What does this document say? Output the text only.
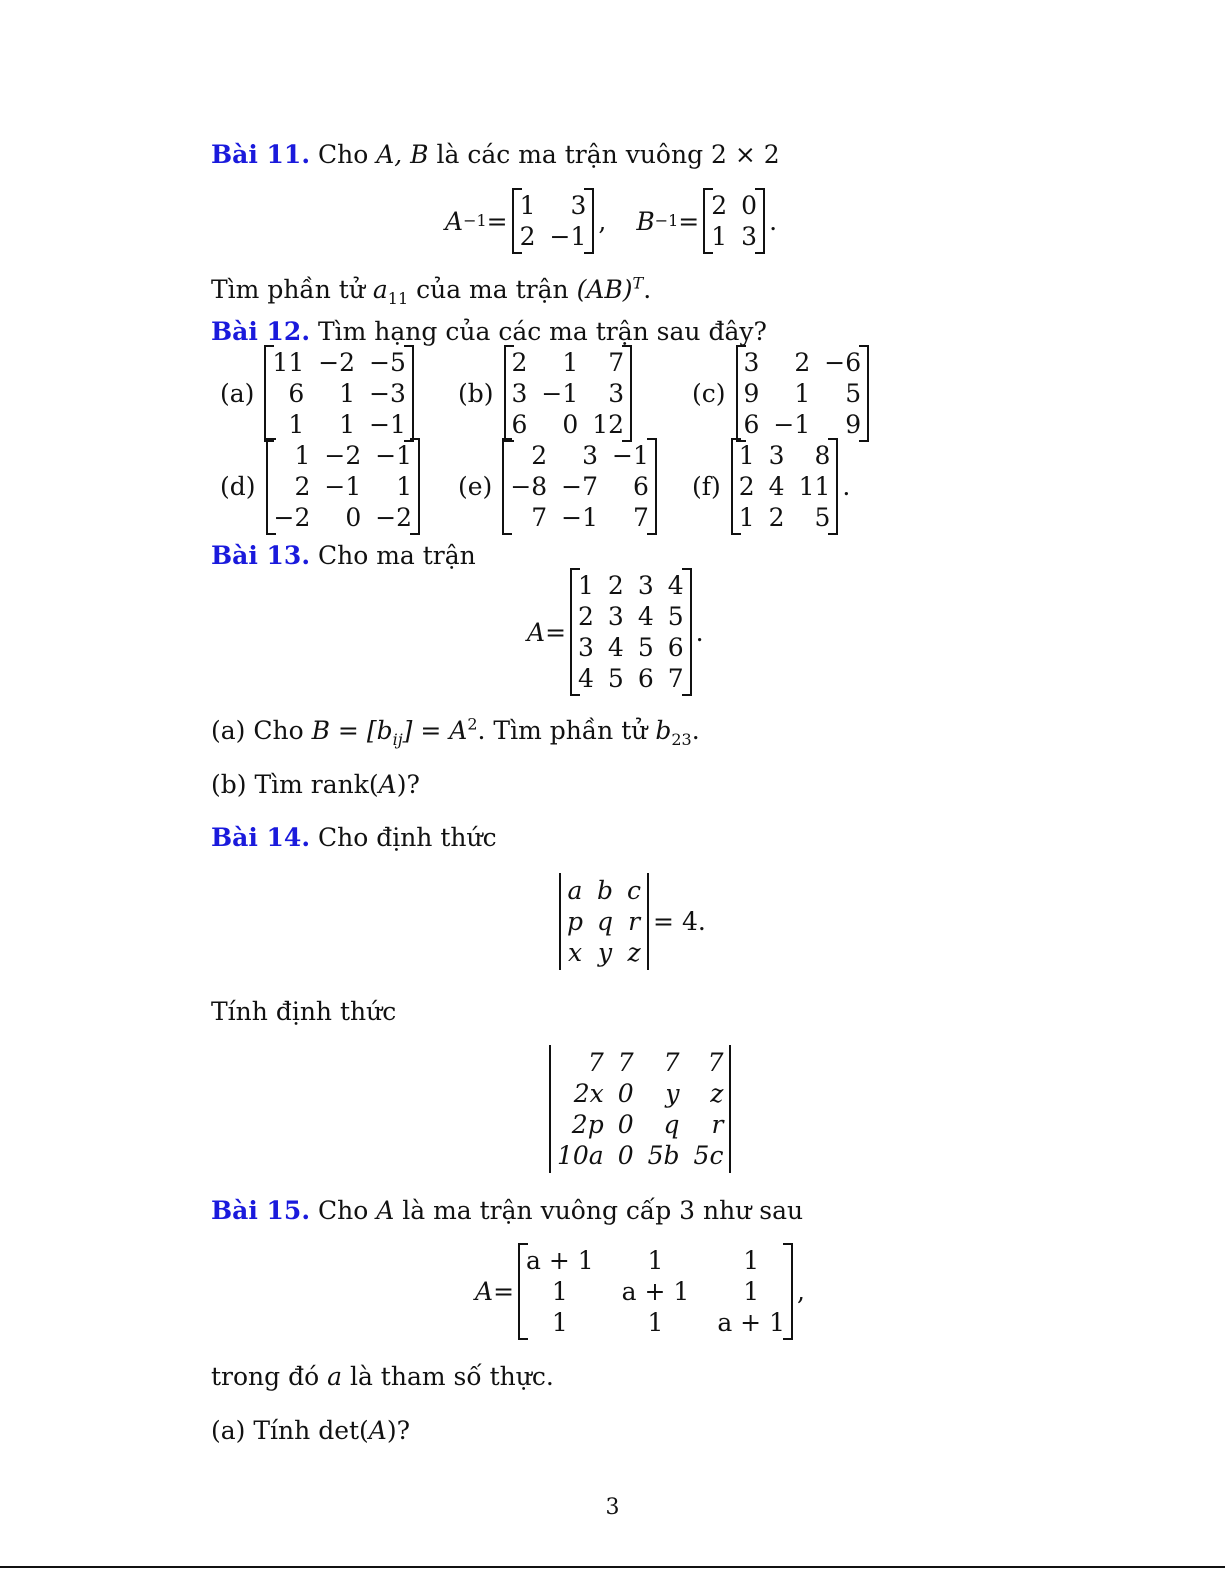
Bài 11. Cho A, B là các ma trận vuông 2 × 2
A −1 =
1	3
2 −1
, B −1 =
2 0
1 3
.
Tìm phần tử $a_{11}$ của ma trận (AB)$^T$.
Bài 12. Tìm hạng của các ma trận sau đây?
(a)
11 −2 −5
6	1 −3
1	1 −1
(b)
2	1	7
3 −1	3
6	0 12
(c)
3	2 −6
9	1	5
6 −1	9
(d)
1 −2 −1
2 −1	1
−2	0 −2
(e)
2	3 −1
−8 −7	6
7 −1	7
(f)
1 3	8
2 4 11
1 2	5
.
Bài 13. Cho ma trận
A =
1 2 3 4
2 3 4 5
3 4 5 6
4 5 6 7
.
(a) Cho $B = [b_{ij}] = A^2$. Tìm phần tử $b_{23}$.
(b) Tìm rank(A)?
Bài 14. Cho định thức
a b c
p q r
x y z
= 4.
Tính định thức
7 7	7	7
2x 0	y	z
2p 0	q	r
10a 0 5b 5c
Bài 15. Cho A là ma trận vuông cấp 3 như sau
A =
a + 1	1	1
1	a + 1	1
1	1	a + 1
,
trong đó a là tham số thực.
(a) Tính det(A)?
3
